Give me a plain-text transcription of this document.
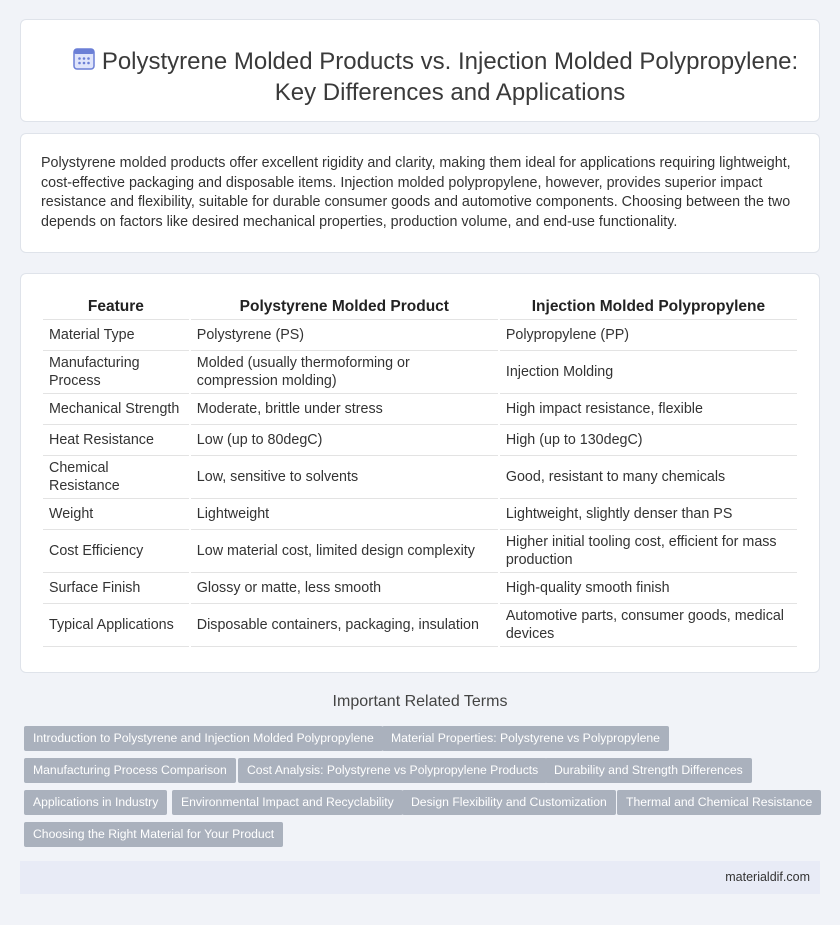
Polystyrene Molded Products vs. Injection Molded Polypropylene:
Key Differences and Applications

Polystyrene molded products offer excellent rigidity and clarity, making them ideal for applications requiring lightweight, cost-effective packaging and disposable items. Injection molded polypropylene, however, provides superior impact resistance and flexibility, suitable for durable consumer goods and automotive components. Choosing between the two depends on factors like desired mechanical properties, production volume, and end-use functionality.

Feature	Polystyrene Molded Product	Injection Molded Polypropylene
Material Type	Polystyrene (PS)	Polypropylene (PP)
Manufacturing Process	Molded (usually thermoforming or compression molding)	Injection Molding
Mechanical Strength	Moderate, brittle under stress	High impact resistance, flexible
Heat Resistance	Low (up to 80degC)	High (up to 130degC)
Chemical Resistance	Low, sensitive to solvents	Good, resistant to many chemicals
Weight	Lightweight	Lightweight, slightly denser than PS
Cost Efficiency	Low material cost, limited design complexity	Higher initial tooling cost, efficient for mass production
Surface Finish	Glossy or matte, less smooth	High-quality smooth finish
Typical Applications	Disposable containers, packaging, insulation	Automotive parts, consumer goods, medical devices
Important Related Terms
Introduction to Polystyrene and Injection Molded Polypropylene	Material Properties: Polystyrene vs Polypropylene
Manufacturing Process Comparison	Cost Analysis: Polystyrene vs Polypropylene Products	Durability and Strength Differences
Applications in Industry	Environmental Impact and Recyclability	Design Flexibility and Customization	Thermal and Chemical Resistance
Choosing the Right Material for Your Product
materialdif.com
